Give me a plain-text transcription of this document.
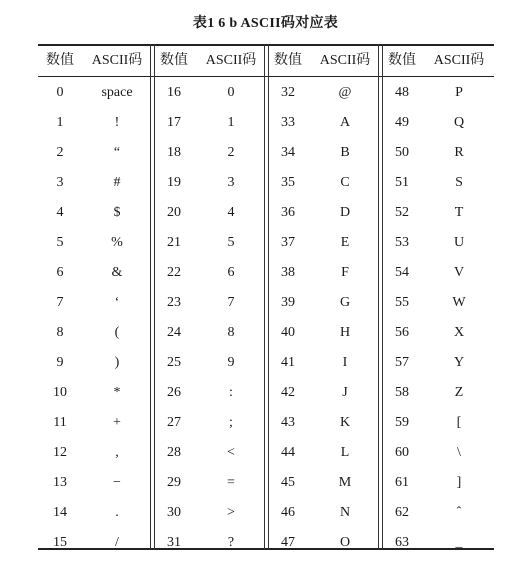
表1 6 b ASCII码对应表
数值	ASCII码
0	space
1	!
2	“
3	#
4	$
5	%
6	&
7	‘
8	(
9	)
10	*
11	+
12	,
13	−
14	.
15	/
数值	ASCII码
16	0
17	1
18	2
19	3
20	4
21	5
22	6
23	7
24	8
25	9
26	:
27	;
28	<
29	=
30	>
31	?
数值	ASCII码
32	@
33	A
34	B
35	C
36	D
37	E
38	F
39	G
40	H
41	I
42	J
43	K
44	L
45	M
46	N
47	O
数值	ASCII码
48	P
49	Q
50	R
51	S
52	T
53	U
54	V
55	W
56	X
57	Y
58	Z
59	[
60	\
61	]
62	ˆ
63	_
